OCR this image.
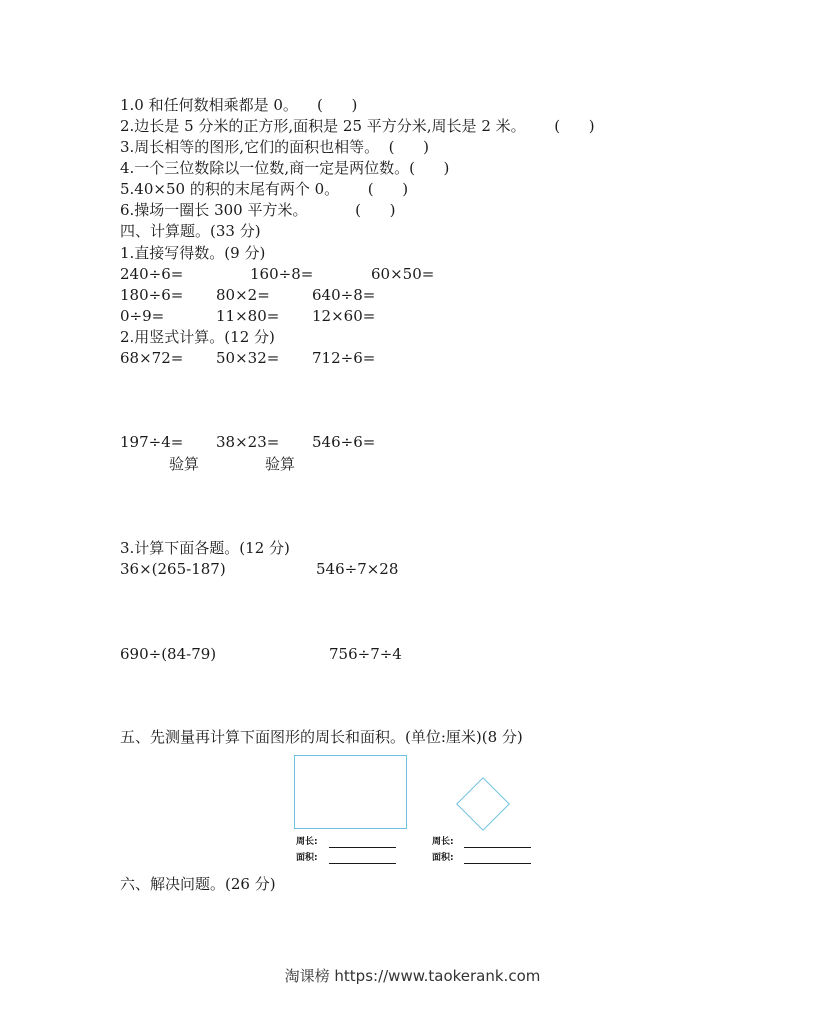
1.0 和任何数相乘都是 0。    (      )
2.边长是 5 分米的正方形,面积是 25 平方分米,周长是 2 米。      (      )
3.周长相等的图形,它们的面积也相等。  (      )
4.一个三位数除以一位数,商一定是两位数。(      )
5.40×50 的积的末尾有两个 0。      (      )
6.操场一圈长 300 平方米。          (      )
四、计算题。(33 分)
1.直接写得数。(9 分)
240÷6=	160÷8=	60×50=
180÷6= 80×2=	640÷8=
0÷9=	11×80= 12×60=
2.用竖式计算。(12 分)
68×72= 50×32= 712÷6=
197÷4= 38×23= 546÷6=
验算	验算
3.计算下面各题。(12 分)
36×(265-187)	546÷7×28
690÷(84-79)	756÷7÷4
五、先测量再计算下面图形的周长和面积。(单位:厘米)(8 分)
周长:
面积:
周长:
面积:
六、解决问题。(26 分)
淘课榜 https://www.taokerank.com
